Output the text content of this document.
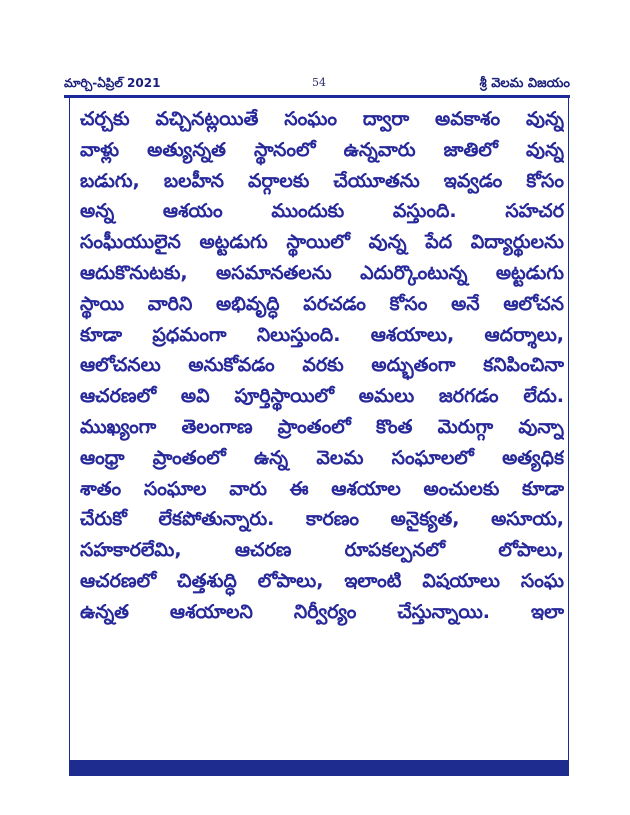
మార్చి-ఏప్రిల్ 2021	54	శ్రీ వెలమ విజయం
చర్చకు వచ్చినట్లయితే సంఘం ద్వారా అవకాశం వున్న
వాళ్లు అత్యున్నత స్థానంలో ఉన్నవారు జాతిలో వున్న
బడుగు, బలహీన వర్గాలకు చేయూతను ఇవ్వడం కోసం
అన్న ఆశయం ముందుకు వస్తుంది. సహచర
సంఘీయులైన అట్టడుగు స్థాయిలో వున్న పేద విద్యార్థులను
ఆదుకొనుటకు, అసమానతలను ఎదుర్కొంటున్న అట్టడుగు
స్థాయి వారిని అభివృద్ధి పరచడం కోసం అనే ఆలోచన
కూడా ప్రధమంగా నిలుస్తుంది. ఆశయాలు, ఆదర్శాలు,
ఆలోచనలు అనుకోవడం వరకు అద్భుతంగా కనిపించినా
ఆచరణలో అవి పూర్తిస్థాయిలో అమలు జరగడం లేదు.
ముఖ్యంగా తెలంగాణ ప్రాంతంలో కొంత మెరుగ్గా వున్నా
ఆంధ్రా ప్రాంతంలో ఉన్న వెలమ సంఘాలలో అత్యధిక
శాతం సంఘాల వారు ఈ ఆశయాల అంచులకు కూడా
చేరుకో లేకపోతున్నారు. కారణం అనైక్యత, అసూయ,
సహకారలేమి, ఆచరణ రూపకల్పనలో లోపాలు,
ఆచరణలో చిత్తశుద్ధి లోపాలు, ఇలాంటి విషయాలు సంఘ
ఉన్నత ఆశయాలని నిర్వీర్యం చేస్తున్నాయి. ఇలా
